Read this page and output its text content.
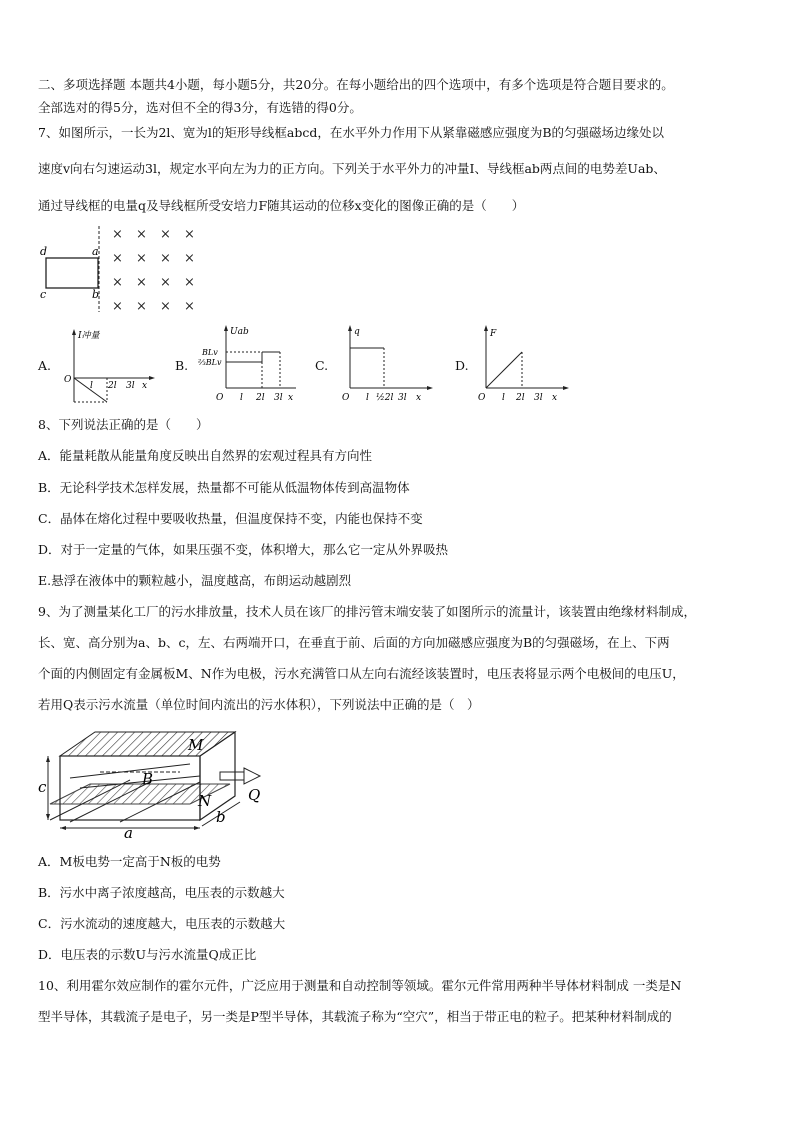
二、多项选择题 本题共4小题，每小题5分，共20分。在每小题给出的四个选项中，有多个选项是符合题目要求的。
全部选对的得5分，选对但不全的得3分，有选错的得0分。
7、如图所示，一长为2l、宽为l的矩形导线框abcd，在水平外力作用下从紧靠磁感应强度为B的匀强磁场边缘处以
速度v向右匀速运动3l，规定水平向左为力的正方向。下列关于水平外力的冲量I、导线框ab两点间的电势差Uab、
通过导线框的电量q及导线框所受安培力F随其运动的位移x变化的图像正确的是（　　）
d	a
c	b
× × × ×
× × × ×
× × × ×
× × × ×
A.	B.	C.	D.
I冲量
O
l 2l 3l x
Uab
BLv
⅔BLv
O l 2l 3l x
q
O l ½2l 3l x
F
O l 2l 3l x
8、下列说法正确的是（　　）
A．能量耗散从能量角度反映出自然界的宏观过程具有方向性
B．无论科学技术怎样发展，热量都不可能从低温物体传到高温物体
C．晶体在熔化过程中要吸收热量，但温度保持不变，内能也保持不变
D．对于一定量的气体，如果压强不变，体积增大，那么它一定从外界吸热
E.悬浮在液体中的颗粒越小，温度越高，布朗运动越剧烈
9、为了测量某化工厂的污水排放量，技术人员在该厂的排污管末端安装了如图所示的流量计，该装置由绝缘材料制成，
长、宽、高分别为a、b、c，左、右两端开口，在垂直于前、后面的方向加磁感应强度为B的匀强磁场，在上、下两
个面的内侧固定有金属板M、N作为电极，污水充满管口从左向右流经该装置时，电压表将显示两个电极间的电压U，
若用Q表示污水流量（单位时间内流出的污水体积），下列说法中正确的是（　）
M
N
B
Q
c
a
b
A．M板电势一定高于N板的电势
B．污水中离子浓度越高，电压表的示数越大
C．污水流动的速度越大，电压表的示数越大
D．电压表的示数U与污水流量Q成正比
10、利用霍尔效应制作的霍尔元件，广泛应用于测量和自动控制等领域。霍尔元件常用两种半导体材料制成 一类是N
型半导体，其载流子是电子，另一类是P型半导体，其载流子称为“空穴”，相当于带正电的粒子。把某种材料制成的
